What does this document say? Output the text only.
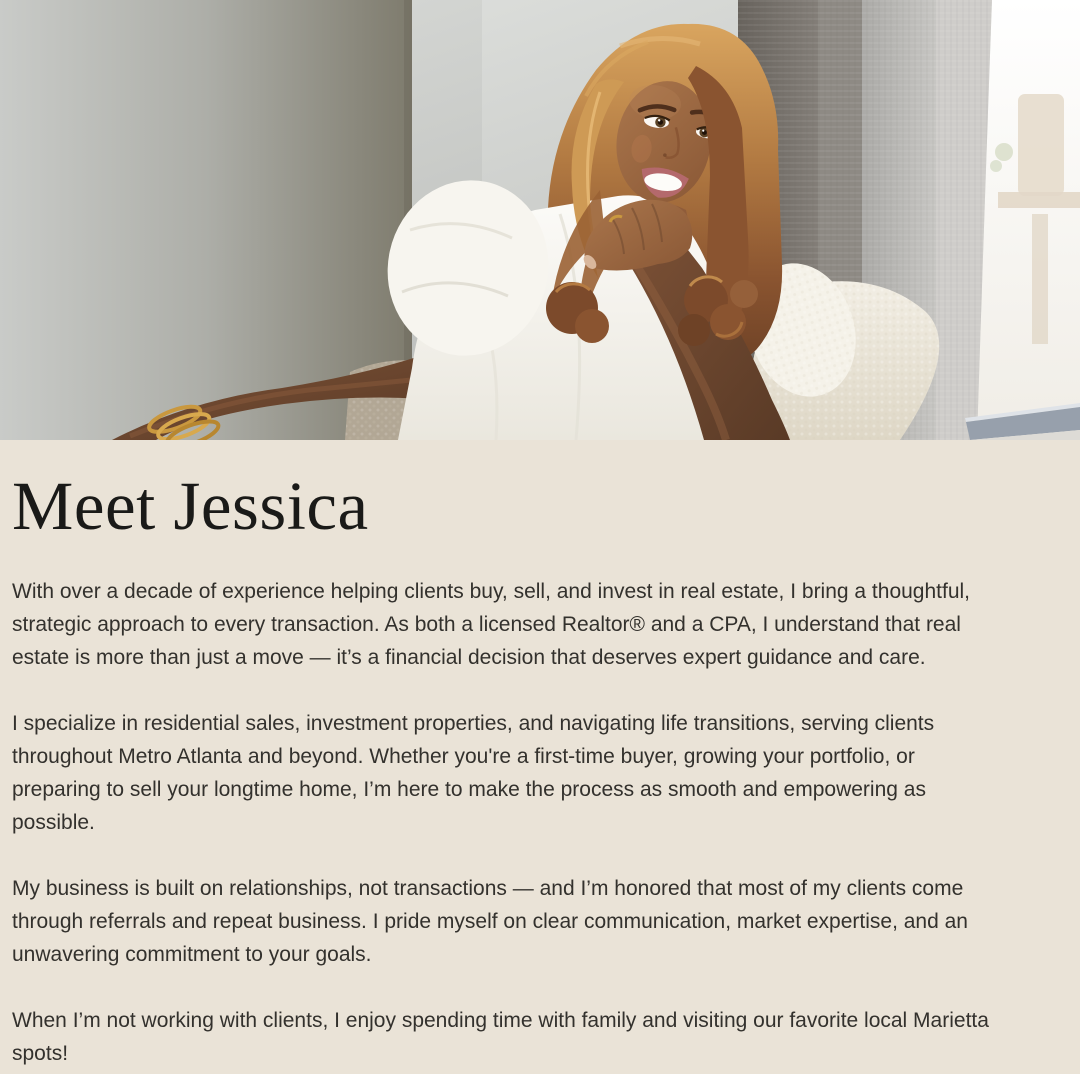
Meet Jessica

With over a decade of experience helping clients buy, sell, and invest in real estate, I bring a thoughtful,
strategic approach to every transaction. As both a licensed Realtor® and a CPA, I understand that real
estate is more than just a move — it’s a financial decision that deserves expert guidance and care.

I specialize in residential sales, investment properties, and navigating life transitions, serving clients
throughout Metro Atlanta and beyond. Whether you're a first-time buyer, growing your portfolio, or
preparing to sell your longtime home, I’m here to make the process as smooth and empowering as
possible.

My business is built on relationships, not transactions — and I’m honored that most of my clients come
through referrals and repeat business. I pride myself on clear communication, market expertise, and an
unwavering commitment to your goals.

When I’m not working with clients, I enjoy spending time with family and visiting our favorite local Marietta
spots!
